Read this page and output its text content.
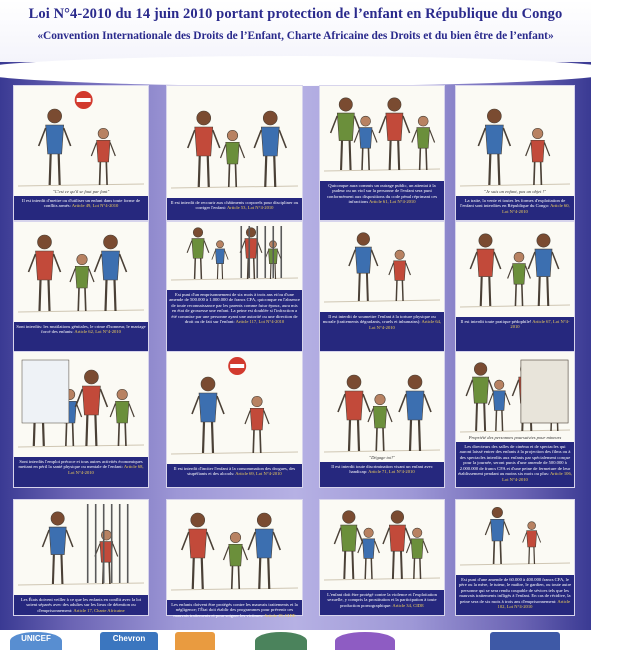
Loi N°4-2010 du 14 juin 2010 portant protection de l’enfant en République du Congo
«Convention Internationale des Droits de l’Enfant, Charte Africaine des Droits et du bien être de l’enfant»
"C'est ce qu'il se faut par fant"
Il est interdit d'mettre ou d'utiliser un enfant dans toute forme de conflits armés: Article 49, Loi N°4-2010
Il est interdit de recourir aux châtiments corporels pour discipliner ou corriger l'enfant: Article 53, Loi N°4-2010
Quiconque aura commis un outrage public, un attentat à la pudeur ou un viol sur la personne de l'enfant sera puni conformément aux dispositions du code pénal réprimant ces infractions Article 61, Loi N°4-2010
"Je suis un enfant, pas un objet !"
La traite, la vente et toutes les formes d'exploitation de l'enfant sont interdites en République du Congo: Article 60, Loi N°4-2010
Sont interdits: les mutilations génitales, le crime d'honneur, le mariage forcé des enfants: Article 62, Loi N°4-2010
Est puni d'un emprisonnement de six mois à trois ans et/ou d'une amende de 500.000 à 1.000.000 de francs CFA, quiconque en l'absence de toute reconnaissance par les parents comme futur époux, aura mis en état de grossesse une enfant. La peine est doublée si l'infraction a été commise par une personne ayant une autorité ou une direction de droit ou de fait sur l'enfant: Article 117, Loi N°4-2010
Il est interdit de soumettre l'enfant à la torture physique ou morale (traitements dégradants, cruels et inhumains): Article 64, Loi N°4-2010
Il est interdit toute pratique pédophile! Article 67, Loi N°4-2010
Sont interdits l'emploi précoce et tous autres activités économiques mettant en péril la santé physique ou mentale de l'enfant: Article 68, Loi N°4-2010
Il est interdit d'inciter l'enfant à la consommation des drogues, des stupéfiants et des alcools: Article 69, Loi N°4-2010
"Dégage toi!"
Il est interdit toute discrimination visant un enfant avec handicap: Article 71, Loi N°4-2010
Propriété des personnes poursuivies pour mineurs
Les directeurs des salles de cinéma et de spectacles qui auront laissé entrer des enfants à la projection des films ou à des spectacles interdits aux enfants par spécialement conçue pour la journée, seront punis d'une amende de 500.000 à 2.000.000 de francs CFA et d'une peine de fermeture de leur établissement pendant au moins six mois ou plus: Article 106, Loi N°4-2010
Les États doivent veiller à ce que les enfants en conflit avec la loi soient séparés avec des adultes sur les lieux de détention ou d'emprisonnement: Article 17, Charte Africaine
Les enfants doivent être protégés contre les mauvais traitements et la négligence; l'État doit établir des programmes pour prévenir ces mauvais traitements et pour soigner les victimes: Article 19, CIDE
L'enfant doit être protégé contre la violence et l'exploitation sexuelle, y compris la prostitution et la participation à toute production pornographique: Article 34, CIDE
Est puni d'une amende de 60.000 à 400.000 francs CFA, le père ou la mère, le tuteur, le maître, le gardien, ou toute autre personne qui se sera rendu coupable de sévices tels que les mauvais traitements infligés à l'enfant. En cas de récidive, la peine sera de six mois à trois ans d'emprisonnement: Article 102, Loi N°4-2010
UNICEF	Chevron
